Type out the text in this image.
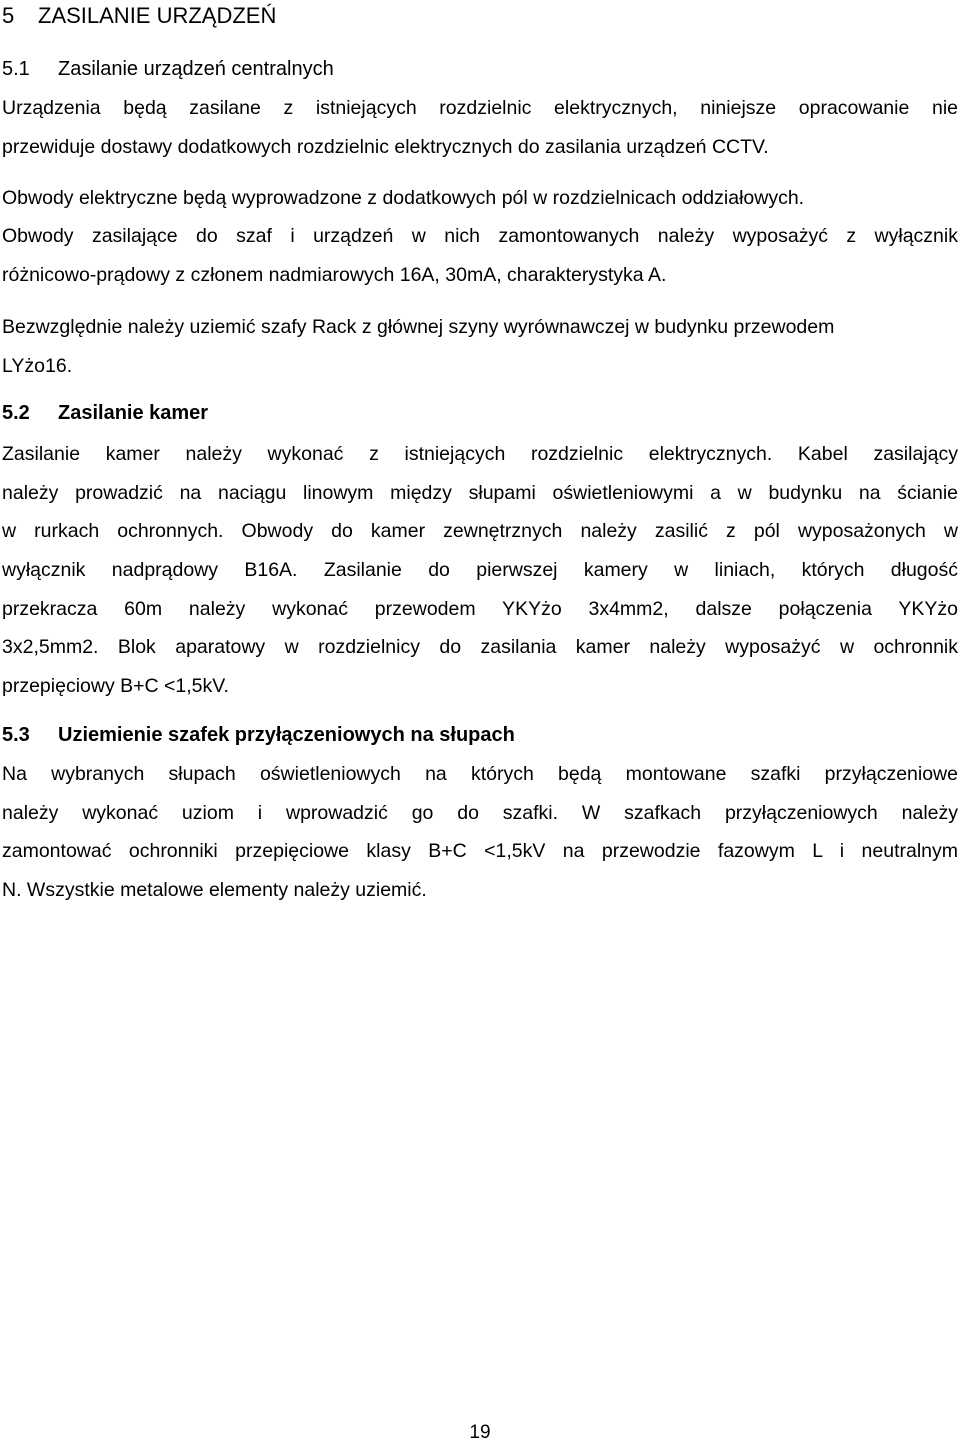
5 ZASILANIE URZĄDZEŃ
5.1 Zasilanie urządzeń centralnych
Urządzenia będą zasilane z istniejących rozdzielnic elektrycznych, niniejsze opracowanie nie
przewiduje dostawy dodatkowych rozdzielnic elektrycznych do zasilania urządzeń CCTV.
Obwody elektryczne będą wyprowadzone z dodatkowych pól w rozdzielnicach oddziałowych.
Obwody zasilające do szaf i urządzeń w nich zamontowanych należy wyposażyć z wyłącznik
różnicowo-prądowy z członem nadmiarowych 16A, 30mA, charakterystyka A.
Bezwzględnie należy uziemić szafy Rack z głównej szyny wyrównawczej w budynku przewodem
LYżo16.
5.2 Zasilanie kamer
Zasilanie kamer należy wykonać z istniejących rozdzielnic elektrycznych. Kabel zasilający
należy prowadzić na naciągu linowym między słupami oświetleniowymi a w budynku na ścianie
w rurkach ochronnych. Obwody do kamer zewnętrznych należy zasilić z pól wyposażonych w
wyłącznik nadprądowy B16A. Zasilanie do pierwszej kamery w liniach, których długość
przekracza 60m należy wykonać przewodem YKYżo 3x4mm2, dalsze połączenia YKYżo
3x2,5mm2. Blok aparatowy w rozdzielnicy do zasilania kamer należy wyposażyć w ochronnik
przepięciowy B+C <1,5kV.
5.3 Uziemienie szafek przyłączeniowych na słupach
Na wybranych słupach oświetleniowych na których będą montowane szafki przyłączeniowe
należy wykonać uziom i wprowadzić go do szafki. W szafkach przyłączeniowych należy
zamontować ochronniki przepięciowe klasy B+C <1,5kV na przewodzie fazowym L i neutralnym
N. Wszystkie metalowe elementy należy uziemić.
19
